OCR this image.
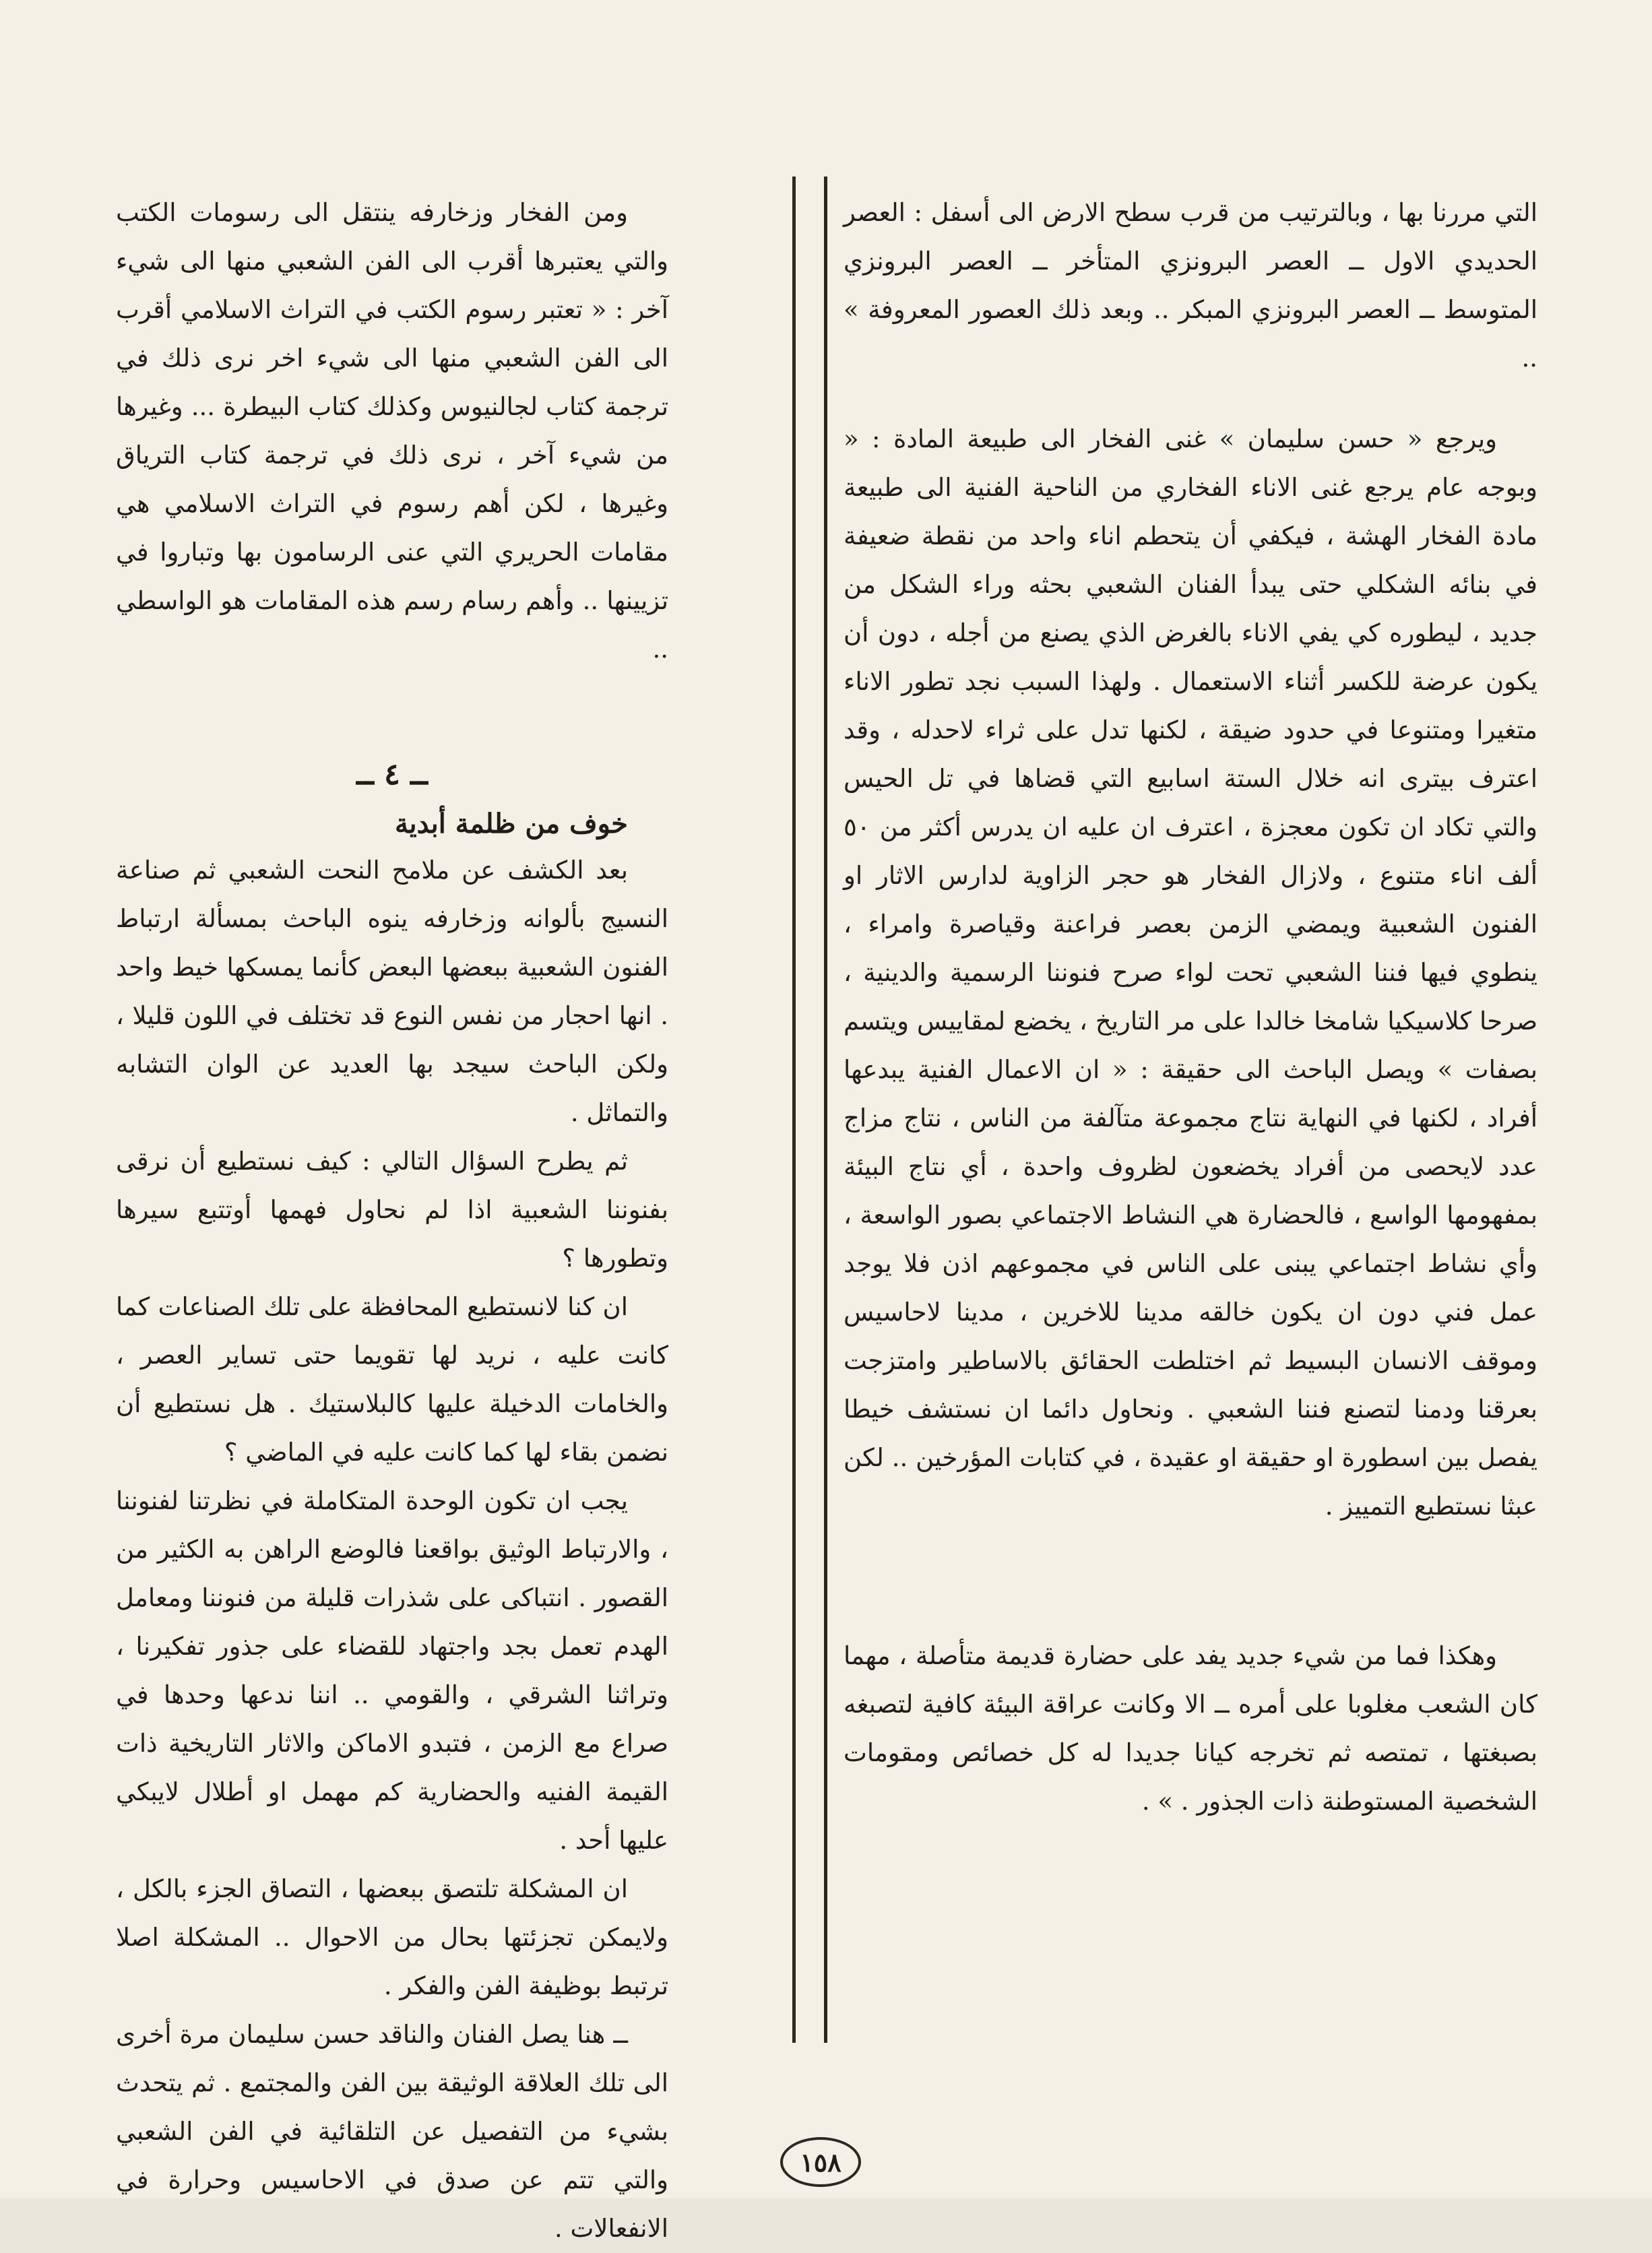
التي مررنا بها ، وبالترتيب من قرب سطح الارض الى أسفل : العصر الحديدي الاول ــ العصر البرونزي المتأخر ــ العصر البرونزي المتوسط ــ العصر البرونزي المبكر .. وبعد ذلك العصور المعروفة » ..

ويرجع « حسن سليمان » غنى الفخار الى طبيعة المادة : « وبوجه عام يرجع غنى الاناء الفخاري من الناحية الفنية الى طبيعة مادة الفخار الهشة ، فيكفي أن يتحطم اناء واحد من نقطة ضعيفة في بنائه الشكلي حتى يبدأ الفنان الشعبي بحثه وراء الشكل من جديد ، ليطوره كي يفي الاناء بالغرض الذي يصنع من أجله ، دون أن يكون عرضة للكسر أثناء الاستعمال . ولهذا السبب نجد تطور الاناء متغيرا ومتنوعا في حدود ضيقة ، لكنها تدل على ثراء لاحدله ، وقد اعترف بيترى انه خلال الستة اسابيع التي قضاها في تل الحيس والتي تكاد ان تكون معجزة ، اعترف ان عليه ان يدرس أكثر من ٥٠ ألف اناء متنوع ، ولازال الفخار هو حجر الزاوية لدارس الاثار او الفنون الشعبية ويمضي الزمن بعصر فراعنة وقياصرة وامراء ، ينطوي فيها فننا الشعبي تحت لواء صرح فنوننا الرسمية والدينية ، صرحا كلاسيكيا شامخا خالدا على مر التاريخ ، يخضع لمقاييس ويتسم بصفات » ويصل الباحث الى حقيقة : « ان الاعمال الفنية يبدعها أفراد ، لكنها في النهاية نتاج مجموعة متآلفة من الناس ، نتاج مزاج عدد لايحصى من أفراد يخضعون لظروف واحدة ، أي نتاج البيئة بمفهومها الواسع ، فالحضارة هي النشاط الاجتماعي بصور الواسعة ، وأي نشاط اجتماعي يبنى على الناس في مجموعهم اذن فلا يوجد عمل فني دون ان يكون خالقه مدينا للاخرين ، مدينا لاحاسيس وموقف الانسان البسيط ثم اختلطت الحقائق بالاساطير وامتزجت بعرقنا ودمنا لتصنع فننا الشعبي . ونحاول دائما ان نستشف خيطا يفصل بين اسطورة او حقيقة او عقيدة ، في كتابات المؤرخين .. لكن عبثا نستطيع التمييز .

وهكذا فما من شيء جديد يفد على حضارة قديمة متأصلة ، مهما كان الشعب مغلوبا على أمره ــ الا وكانت عراقة البيئة كافية لتصبغه بصبغتها ، تمتصه ثم تخرجه كيانا جديدا له كل خصائص ومقومات الشخصية المستوطنة ذات الجذور . » .

ومن الفخار وزخارفه ينتقل الى رسومات الكتب والتي يعتبرها أقرب الى الفن الشعبي منها الى شيء آخر : « تعتبر رسوم الكتب في التراث الاسلامي أقرب الى الفن الشعبي منها الى شيء اخر نرى ذلك في ترجمة كتاب لجالنيوس وكذلك كتاب البيطرة ... وغيرها من شيء آخر ، نرى ذلك في ترجمة كتاب الترياق وغيرها ، لكن أهم رسوم في التراث الاسلامي هي مقامات الحريري التي عنى الرسامون بها وتباروا في تزيينها .. وأهم رسام رسم هذه المقامات هو الواسطي ..

ــ ٤ ــ

خوف من ظلمة أبدية

بعد الكشف عن ملامح النحت الشعبي ثم صناعة النسيج بألوانه وزخارفه ينوه الباحث بمسألة ارتباط الفنون الشعبية ببعضها البعض كأنما يمسكها خيط واحد . انها احجار من نفس النوع قد تختلف في اللون قليلا ، ولكن الباحث سيجد بها العديد عن الوان التشابه والتماثل .

ثم يطرح السؤال التالي : كيف نستطيع أن نرقى بفنوننا الشعبية اذا لم نحاول فهمها أوتتبع سيرها وتطورها ؟

ان كنا لانستطيع المحافظة على تلك الصناعات كما كانت عليه ، نريد لها تقويما حتى تساير العصر ، والخامات الدخيلة عليها كالبلاستيك . هل نستطيع أن نضمن بقاء لها كما كانت عليه في الماضي ؟

يجب ان تكون الوحدة المتكاملة في نظرتنا لفنوننا ، والارتباط الوثيق بواقعنا فالوضع الراهن به الكثير من القصور . انتباكى على شذرات قليلة من فنوننا ومعامل الهدم تعمل بجد واجتهاد للقضاء على جذور تفكيرنا ، وتراثنا الشرقي ، والقومي .. اننا ندعها وحدها في صراع مع الزمن ، فتبدو الاماكن والاثار التاريخية ذات القيمة الفنيه والحضارية كم مهمل او أطلال لايبكي عليها أحد .

ان المشكلة تلتصق ببعضها ، التصاق الجزء بالكل ، ولايمكن تجزئتها بحال من الاحوال .. المشكلة اصلا ترتبط بوظيفة الفن والفكر .

ــ هنا يصل الفنان والناقد حسن سليمان مرة أخرى الى تلك العلاقة الوثيقة بين الفن والمجتمع . ثم يتحدث بشيء من التفصيل عن التلقائية في الفن الشعبي والتي تتم عن صدق في الاحاسيس وحرارة في الانفعالات .

١٥٨
